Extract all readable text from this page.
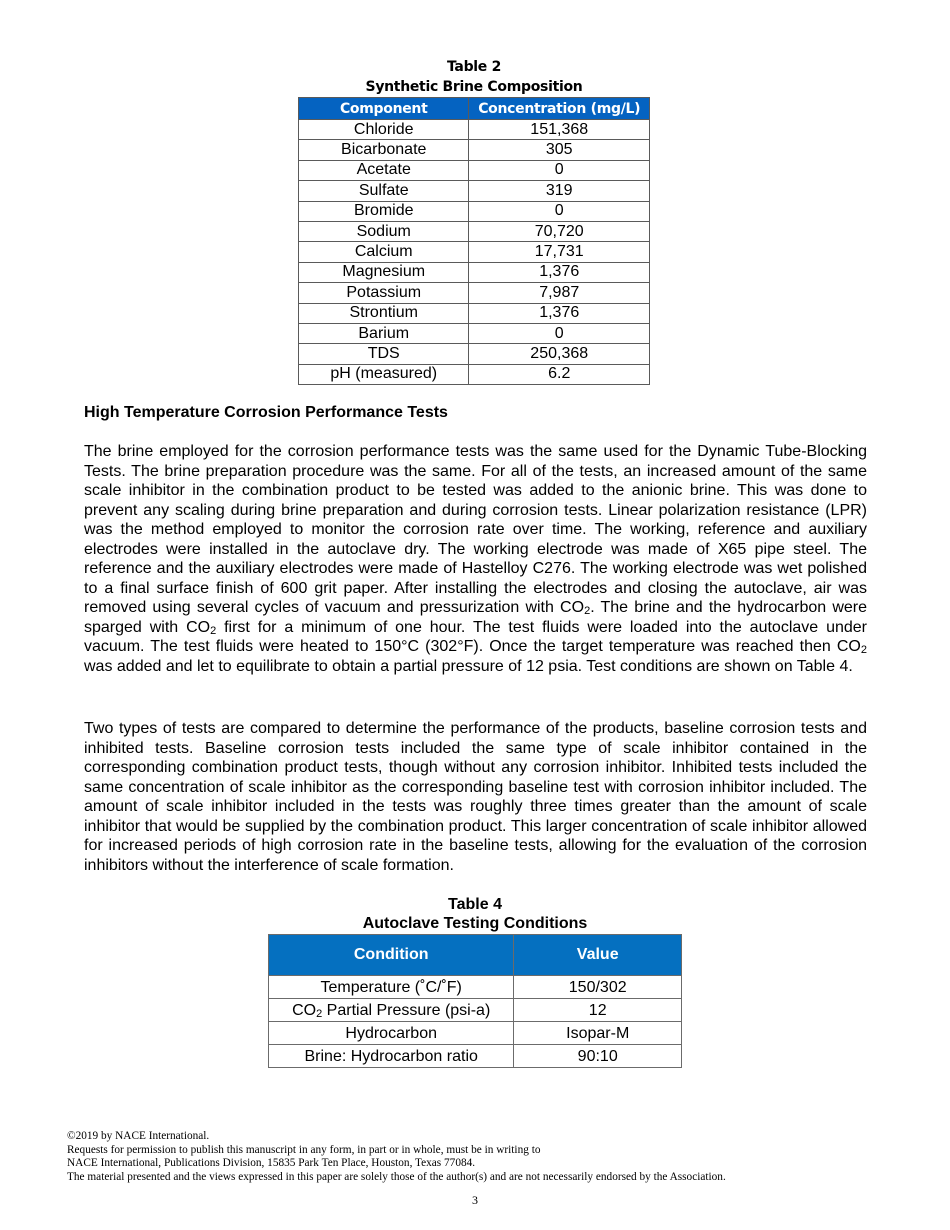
Table 2
Synthetic Brine Composition
Component	Concentration (mg/L)
Chloride	151,368
Bicarbonate	305
Acetate	0
Sulfate	319
Bromide	0
Sodium	70,720
Calcium	17,731
Magnesium	1,376
Potassium	7,987
Strontium	1,376
Barium	0
TDS	250,368
pH (measured)	6.2
High Temperature Corrosion Performance Tests

The brine employed for the corrosion performance tests was the same used for the Dynamic Tube-Blocking Tests. The brine preparation procedure was the same. For all of the tests, an increased amount of the same scale inhibitor in the combination product to be tested was added to the anionic brine. This was done to prevent any scaling during brine preparation and during corrosion tests. Linear polarization resistance (LPR) was the method employed to monitor the corrosion rate over time. The working, reference and auxiliary electrodes were installed in the autoclave dry. The working electrode was made of X65 pipe steel. The reference and the auxiliary electrodes were made of Hastelloy C276. The working electrode was wet polished to a final surface finish of 600 grit paper. After installing the electrodes and closing the autoclave, air was removed using several cycles of vacuum and pressurization with $CO_2$. The brine and the hydrocarbon were sparged with $CO_2$ first for a minimum of one hour. The test fluids were loaded into the autoclave under vacuum. The test fluids were heated to 150°C (302°F). Once the target temperature was reached then $CO_2$ was added and let to equilibrate to obtain a partial pressure of 12 psia. Test conditions are shown on Table 4.

Two types of tests are compared to determine the performance of the products, baseline corrosion tests and inhibited tests. Baseline corrosion tests included the same type of scale inhibitor contained in the corresponding combination product tests, though without any corrosion inhibitor. Inhibited tests included the same concentration of scale inhibitor as the corresponding baseline test with corrosion inhibitor included. The amount of scale inhibitor included in the tests was roughly three times greater than the amount of scale inhibitor that would be supplied by the combination product. This larger concentration of scale inhibitor allowed for increased periods of high corrosion rate in the baseline tests, allowing for the evaluation of the corrosion inhibitors without the interference of scale formation.

Table 4
Autoclave Testing Conditions
Condition	Value
Temperature (˚C/˚F)	150/302
$CO_2$ Partial Pressure (psi-a)	12
Hydrocarbon	Isopar-M
Brine: Hydrocarbon ratio	90:10
©2019 by NACE International.
Requests for permission to publish this manuscript in any form, in part or in whole, must be in writing to
NACE International, Publications Division, 15835 Park Ten Place, Houston, Texas 77084.
The material presented and the views expressed in this paper are solely those of the author(s) and are not necessarily endorsed by the Association.
3
